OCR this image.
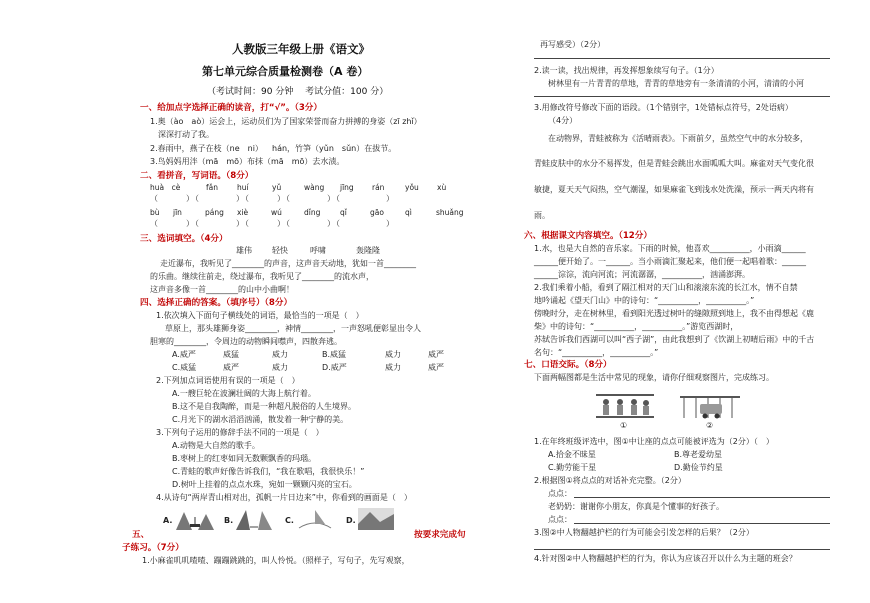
人教版三年级上册《语文》
第七单元综合质量检测卷（A 卷）
（考试时间：90 分钟　 考试分值：100 分）
一、给加点字选择正确的读音，打“√”。（3分）
1.奥（ào　aò）运会上，运动员们为了国家荣誉而奋力拼搏的身姿（zī zhǐ）
　深深打动了我。
2.春雨中，燕子在枝（ne　ni） hán，竹笋（yǔn　sǔn）在拔节。
3.鸟妈妈用泮（mā　mō）布抹（mā　mō）去水渍。
二、看拼音，写词语。（8分）
huà　cè	fǎn	huí	yǔ	wàng jīng rán	yǒu xù
（　　　）（　　　　）（　　　）（　　　　）（　　　　　）
bù jīn	páng xiè	wú	dǐng	qǐ	gāo	qì	shuǎng
（　　　）（　　　　）（　　　）（　　　　）（　　　　　）
三、选词填空。（4分）
雄伟	轻快	呼啸	轰隆隆
走近瀑布，我听见了________的声音，这声音天动地，犹如一首________
的乐曲。继续往前走，绕过瀑布，我听见了________的流水声，
这声音多像一首________的山中小曲啊！
四、选择正确的答案。（填序号）（8分）
1.依次填入下面句子横线处的词语，最恰当的一项是（　）
草原上，那头雄狮身姿________，神情________，一声怒吼便彰显出令人
胆寒的________，令周边的动物瞬间噤声，四散奔逃。
A.威严	威猛	威力	B.威猛	威力	威严
C.威猛	威严	威力	D.威严	威力	威严
2.下列加点词语使用有误的一项是（　）
A.一艘巨轮在波澜壮阔的大海上航行着。
B.这不是自我陶醉，而是一种超凡脱俗的人生境界。
C.月光下的湖水滔滔汹涌，散发着一种宁静的美。
3.下列句子运用的修辞手法不同的一项是（　）
A.动物是大自然的歌手。
B.枣树上的红枣如同无数颗飘香的玛瑙。
C.青蛙的歌声好像告诉我们，“我在歌唱，我很快乐！”
D.树叶上挂着的点点水珠，宛如一颗颗闪亮的宝石。
4.从诗句“两岸青山相对出，孤帆一片日边来”中，你看到的画面是（　）
A.	B.	C.	D.
五、	按要求完成句
子练习。（7分）
1.小麻雀叽叽喳喳、蹦蹦跳跳的，叫人怜悦。（照样子，写句子，先写观察，
再写感受）（2分）
2.读一读，找出规律，再发挥想象续写句子。（1分）
树林里有一片青青的草地，青青的草地旁有一条清清的小河，清清的小河
3.用修改符号修改下面的语段。（1个错别字，1处错标点符号，2处语病）
（4分）
在动物界，青蛙被称为《活晴雨表》。下雨前夕，虽然空气中的水分较多，
青蛙皮肤中的水分不易挥发，但是青蛙会跳出水面呱呱大叫。麻雀对天气变化很
敏捷，夏天天气闷热，空气潮湿，如果麻雀飞到浅水处洗澡，预示一两天内将有
雨。
六、根据课文内容填空。（12分）
1.水，也是大自然的音乐家。下雨的时候，他喜欢__________，小雨滴______
______便开始了。一______。当小雨滴汇聚起来，他们便一起唱着歌：______
______淙淙，流向河流；河流潺潺，__________，汹涌澎湃。
2.我们乘着小船，看到了隔江相对的天门山和滚滚东流的长江水，情不自禁
地吟诵起《望天门山》中的诗句：“__________，__________。”
傍晚时分，走在树林里，看到阳光透过树叶的缝隙照到地上，我不由得想起《鹿
柴》中的诗句：“__________，__________。”游览西湖时，
苏轼告诉我们西湖可以叫“西子湖”，由此我想到了《饮湖上初晴后雨》中的千古
名句：“__________，__________。”
七、口语交际。（8分）
下面两幅图都是生活中常见的现象，请你仔细观察图片，完成练习。
①	②
1.在年终班级评选中，图①中让座的点点可能被评选为（2分）（　）
A.拾金不昧星	B.尊老爱幼星
C.勤劳能干星	D.勤俭节约星
2.根据图①将点点的对话补充完整。（2分）
点点：
老奶奶：谢谢你小朋友，你真是个懂事的好孩子。
点点：
3.图②中人物翻越护栏的行为可能会引发怎样的后果？（2分）
4.针对图②中人物翻越护栏的行为，你认为应该召开以什么为主题的班会？
